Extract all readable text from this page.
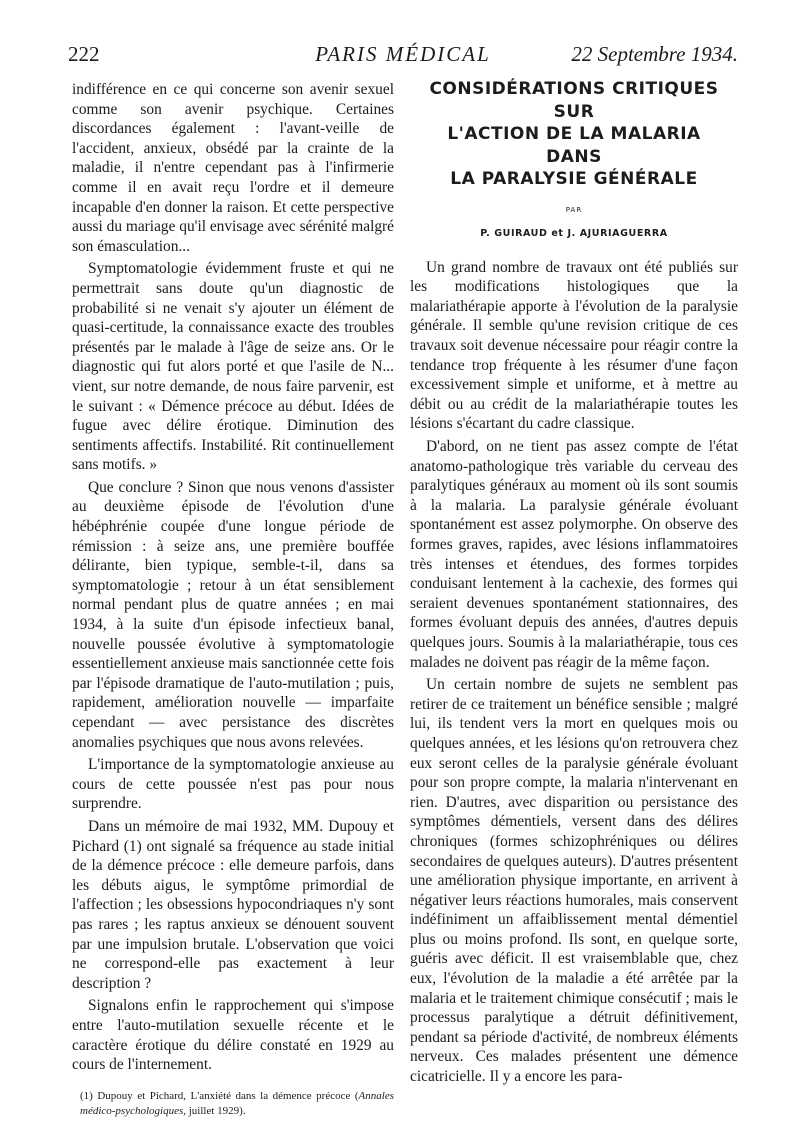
222	PARIS MÉDICAL	22 Septembre 1934.

indifférence en ce qui concerne son avenir sexuel comme son avenir psychique. Certaines discordances également : l'avant-veille de l'accident, anxieux, obsédé par la crainte de la maladie, il n'entre cependant pas à l'infirmerie comme il en avait reçu l'ordre et il demeure incapable d'en donner la raison. Et cette perspective aussi du mariage qu'il envisage avec sérénité malgré son émasculation...

Symptomatologie évidemment fruste et qui ne permettrait sans doute qu'un diagnostic de probabilité si ne venait s'y ajouter un élément de quasi-certitude, la connaissance exacte des troubles présentés par le malade à l'âge de seize ans. Or le diagnostic qui fut alors porté et que l'asile de N... vient, sur notre demande, de nous faire parvenir, est le suivant : « Démence précoce au début. Idées de fugue avec délire érotique. Diminution des sentiments affectifs. Instabilité. Rit continuellement sans motifs. »

Que conclure ? Sinon que nous venons d'assister au deuxième épisode de l'évolution d'une hébéphrénie coupée d'une longue période de rémission : à seize ans, une première bouffée délirante, bien typique, semble-t-il, dans sa symptomatologie ; retour à un état sensiblement normal pendant plus de quatre années ; en mai 1934, à la suite d'un épisode infectieux banal, nouvelle poussée évolutive à symptomatologie essentiellement anxieuse mais sanctionnée cette fois par l'épisode dramatique de l'auto-mutilation ; puis, rapidement, amélioration nouvelle — imparfaite cependant — avec persistance des discrètes anomalies psychiques que nous avons relevées.

L'importance de la symptomatologie anxieuse au cours de cette poussée n'est pas pour nous surprendre.

Dans un mémoire de mai 1932, MM. Dupouy et Pichard (1) ont signalé sa fréquence au stade initial de la démence précoce : elle demeure parfois, dans les débuts aigus, le symptôme primordial de l'affection ; les obsessions hypocondriaques n'y sont pas rares ; les raptus anxieux se dénouent souvent par une impulsion brutale. L'observation que voici ne correspond-elle pas exactement à leur description ?

Signalons enfin le rapprochement qui s'impose entre l'auto-mutilation sexuelle récente et le caractère érotique du délire constaté en 1929 au cours de l'internement.

(1) Dupouy et Pichard, L'anxiété dans la démence précoce (Annales médico-psychologiques, juillet 1929).
CONSIDÉRATIONS CRITIQUES
SUR
L'ACTION DE LA MALARIA
DANS
LA PARALYSIE GÉNÉRALE
PAR
P. GUIRAUD et J. AJURIAGUERRA

Un grand nombre de travaux ont été publiés sur les modifications histologiques que la malariathérapie apporte à l'évolution de la paralysie générale. Il semble qu'une revision critique de ces travaux soit devenue nécessaire pour réagir contre la tendance trop fréquente à les résumer d'une façon excessivement simple et uniforme, et à mettre au débit ou au crédit de la malariathérapie toutes les lésions s'écartant du cadre classique.

D'abord, on ne tient pas assez compte de l'état anatomo-pathologique très variable du cerveau des paralytiques généraux au moment où ils sont soumis à la malaria. La paralysie générale évoluant spontanément est assez polymorphe. On observe des formes graves, rapides, avec lésions inflammatoires très intenses et étendues, des formes torpides conduisant lentement à la cachexie, des formes qui seraient devenues spontanément stationnaires, des formes évoluant depuis des années, d'autres depuis quelques jours. Soumis à la malariathérapie, tous ces malades ne doivent pas réagir de la même façon.

Un certain nombre de sujets ne semblent pas retirer de ce traitement un bénéfice sensible ; malgré lui, ils tendent vers la mort en quelques mois ou quelques années, et les lésions qu'on retrouvera chez eux seront celles de la paralysie générale évoluant pour son propre compte, la malaria n'intervenant en rien. D'autres, avec disparition ou persistance des symptômes démentiels, versent dans des délires chroniques (formes schizophréniques ou délires secondaires de quelques auteurs). D'autres présentent une amélioration physique importante, en arrivent à négativer leurs réactions humorales, mais conservent indéfiniment un affaiblissement mental démentiel plus ou moins profond. Ils sont, en quelque sorte, guéris avec déficit. Il est vraisemblable que, chez eux, l'évolution de la maladie a été arrêtée par la malaria et le traitement chimique consécutif ; mais le processus paralytique a détruit définitivement, pendant sa période d'activité, de nombreux éléments nerveux. Ces malades présentent une démence cicatricielle. Il y a encore les para-
